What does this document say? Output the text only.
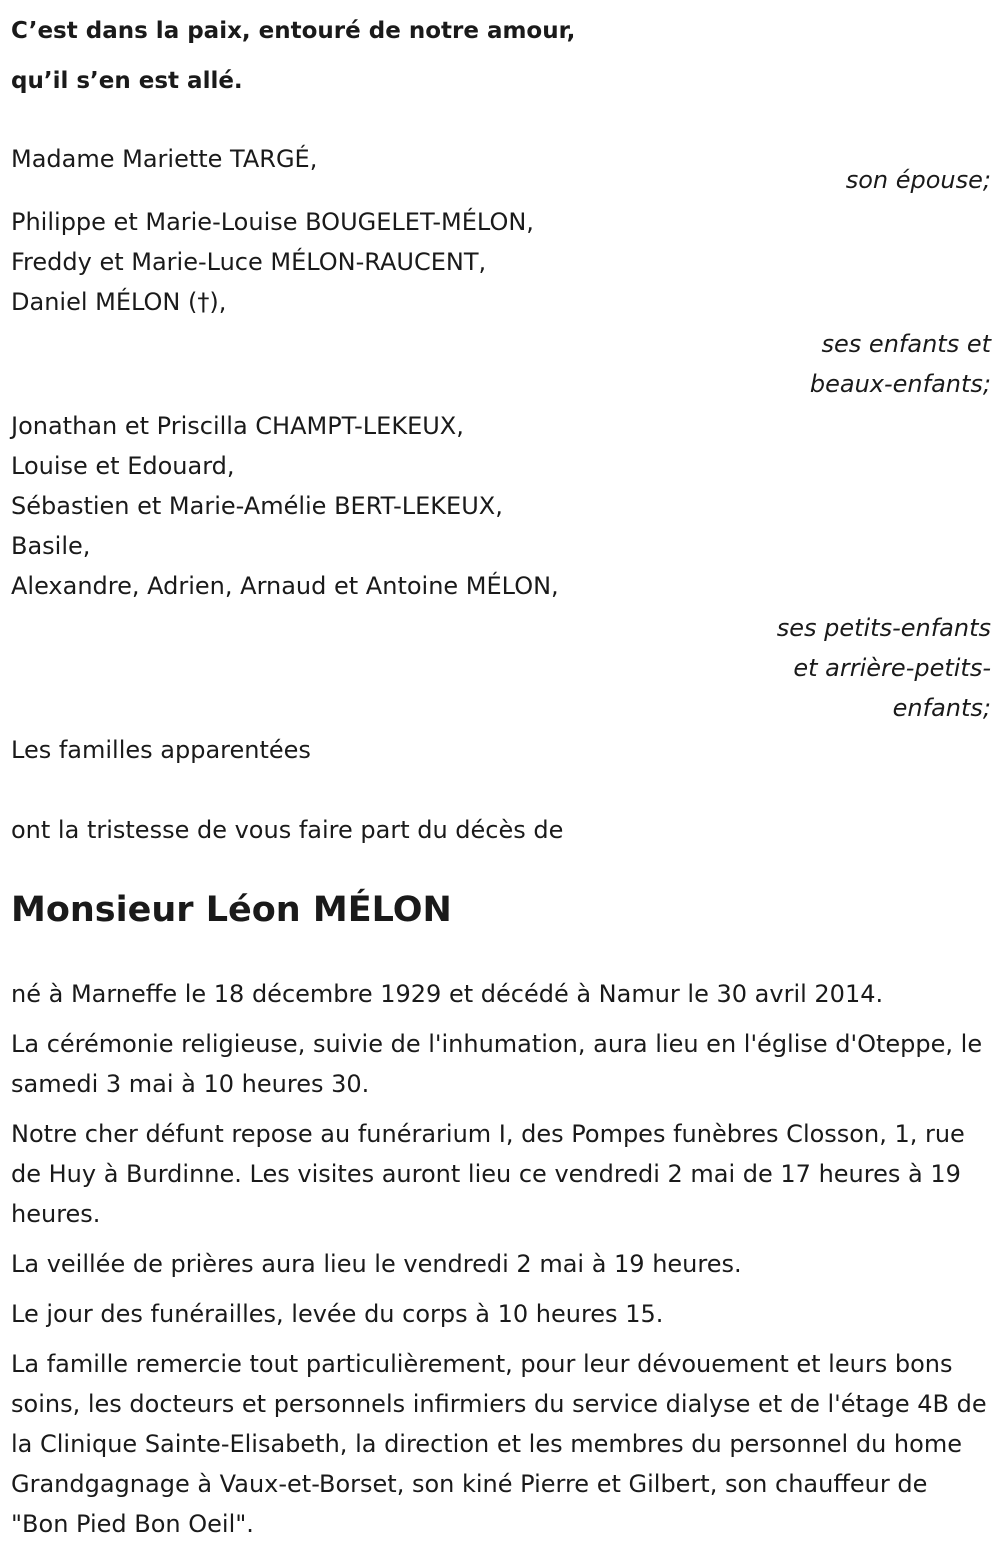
C’est dans la paix, entouré de notre amour,

qu’il s’en est allé.

Madame Mariette TARGÉ,

son épouse;

Philippe et Marie-Louise BOUGELET-MÉLON,

Freddy et Marie-Luce MÉLON-RAUCENT,

Daniel MÉLON (†),

ses enfants et

beaux-enfants;

Jonathan et Priscilla CHAMPT-LEKEUX,

Louise et Edouard,

Sébastien et Marie-Amélie BERT-LEKEUX,

Basile,

Alexandre, Adrien, Arnaud et Antoine MÉLON,

ses petits-enfants

et arrière-petits-

enfants;

Les familles apparentées

ont la tristesse de vous faire part du décès de

Monsieur Léon MÉLON

né à Marneffe le 18 décembre 1929 et décédé à Namur le 30 avril 2014.

La cérémonie religieuse, suivie de l'inhumation, aura lieu en l'église d'Oteppe, le samedi 3 mai à 10 heures 30.

Notre cher défunt repose au funérarium I, des Pompes funèbres Closson, 1, rue de Huy à Burdinne. Les visites auront lieu ce vendredi 2 mai de 17 heures à 19 heures.

La veillée de prières aura lieu le vendredi 2 mai à 19 heures.

Le jour des funérailles, levée du corps à 10 heures 15.

La famille remercie tout particulièrement, pour leur dévouement et leurs bons soins, les docteurs et personnels infirmiers du service dialyse et de l'étage 4B de la Clinique Sainte-Elisabeth, la direction et les membres du personnel du home Grandgagnage à Vaux-et-Borset, son kiné Pierre et Gilbert, son chauffeur de "Bon Pied Bon Oeil".
